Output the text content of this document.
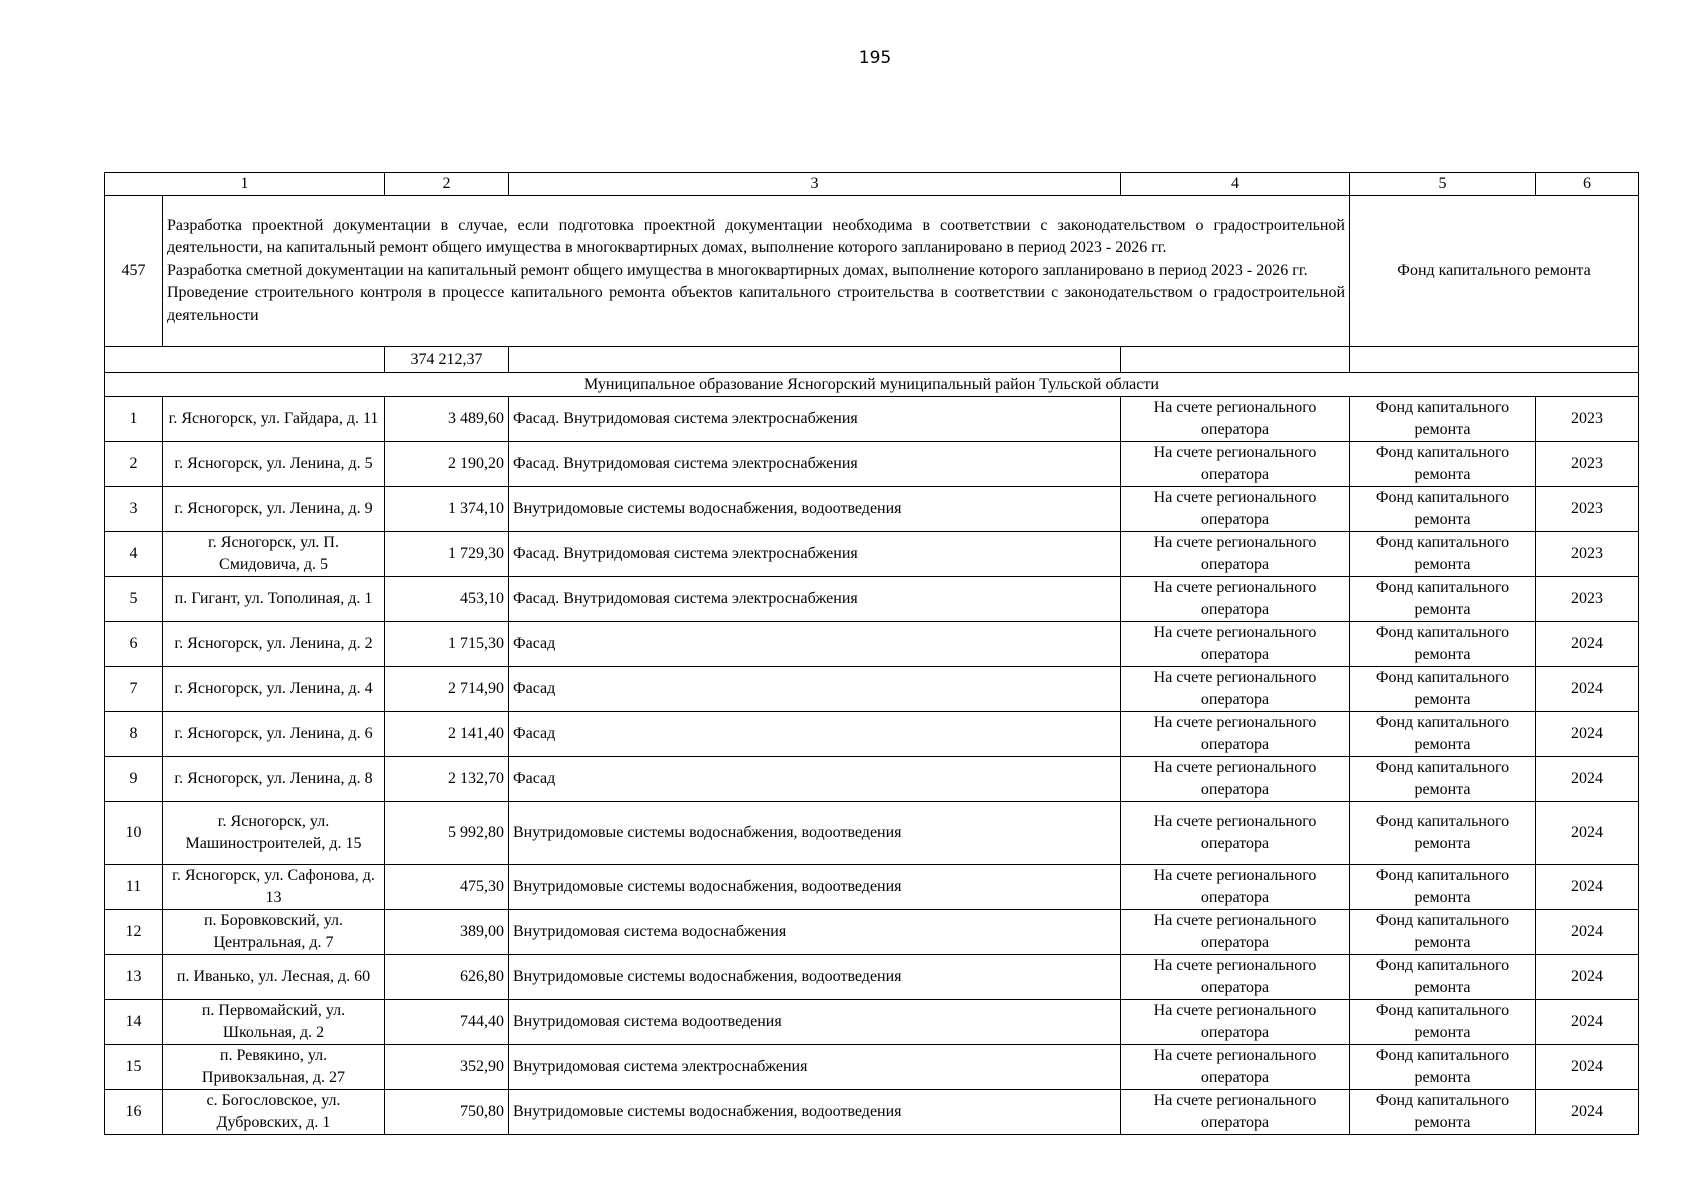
195
1		2	3	4	5	6
457	Разработка проектной документации в случае, если подготовка проектной документации необходима в соответствии с законодательством о градостроительной деятельности, на капитальный ремонт общего имущества в многоквартирных домах, выполнение которого запланировано в период 2023 - 2026 гг.
Разработка сметной документации на капитальный ремонт общего имущества в многоквартирных домах, выполнение которого запланировано в период 2023 - 2026 гг.
Проведение строительного контроля в процессе капитального ремонта объектов капитального строительства в соответствии с законодательством о градостроительной деятельности				Фонд капитального ремонта	
		374 212,37				
Муниципальное образование Ясногорский муниципальный район Тульской области						
1	г. Ясногорск, ул. Гайдара, д. 11	3 489,60	Фасад. Внутридомовая система электроснабжения	На счете регионального оператора	Фонд капитального ремонта	2023
2	г. Ясногорск, ул. Ленина, д. 5	2 190,20	Фасад. Внутридомовая система электроснабжения	На счете регионального оператора	Фонд капитального ремонта	2023
3	г. Ясногорск, ул. Ленина, д. 9	1 374,10	Внутридомовые системы водоснабжения, водоотведения	На счете регионального оператора	Фонд капитального ремонта	2023
4	г. Ясногорск, ул. П. Смидовича, д. 5	1 729,30	Фасад. Внутридомовая система электроснабжения	На счете регионального оператора	Фонд капитального ремонта	2023
5	п. Гигант, ул. Тополиная, д. 1	453,10	Фасад. Внутридомовая система электроснабжения	На счете регионального оператора	Фонд капитального ремонта	2023
6	г. Ясногорск, ул. Ленина, д. 2	1 715,30	Фасад	На счете регионального оператора	Фонд капитального ремонта	2024
7	г. Ясногорск, ул. Ленина, д. 4	2 714,90	Фасад	На счете регионального оператора	Фонд капитального ремонта	2024
8	г. Ясногорск, ул. Ленина, д. 6	2 141,40	Фасад	На счете регионального оператора	Фонд капитального ремонта	2024
9	г. Ясногорск, ул. Ленина, д. 8	2 132,70	Фасад	На счете регионального оператора	Фонд капитального ремонта	2024
10	г. Ясногорск, ул. Машиностроителей, д. 15	5 992,80	Внутридомовые системы водоснабжения, водоотведения	На счете регионального оператора	Фонд капитального ремонта	2024
11	г. Ясногорск, ул. Сафонова, д. 13	475,30	Внутридомовые системы водоснабжения, водоотведения	На счете регионального оператора	Фонд капитального ремонта	2024
12	п. Боровковский, ул. Центральная, д. 7	389,00	Внутридомовая система водоснабжения	На счете регионального оператора	Фонд капитального ремонта	2024
13	п. Иванько, ул. Лесная, д. 60	626,80	Внутридомовые системы водоснабжения, водоотведения	На счете регионального оператора	Фонд капитального ремонта	2024
14	п. Первомайский, ул. Школьная, д. 2	744,40	Внутридомовая система водоотведения	На счете регионального оператора	Фонд капитального ремонта	2024
15	п. Ревякино, ул. Привокзальная, д. 27	352,90	Внутридомовая система электроснабжения	На счете регионального оператора	Фонд капитального ремонта	2024
16	с. Богословское, ул. Дубровских, д. 1	750,80	Внутридомовые системы водоснабжения, водоотведения	На счете регионального оператора	Фонд капитального ремонта	2024
